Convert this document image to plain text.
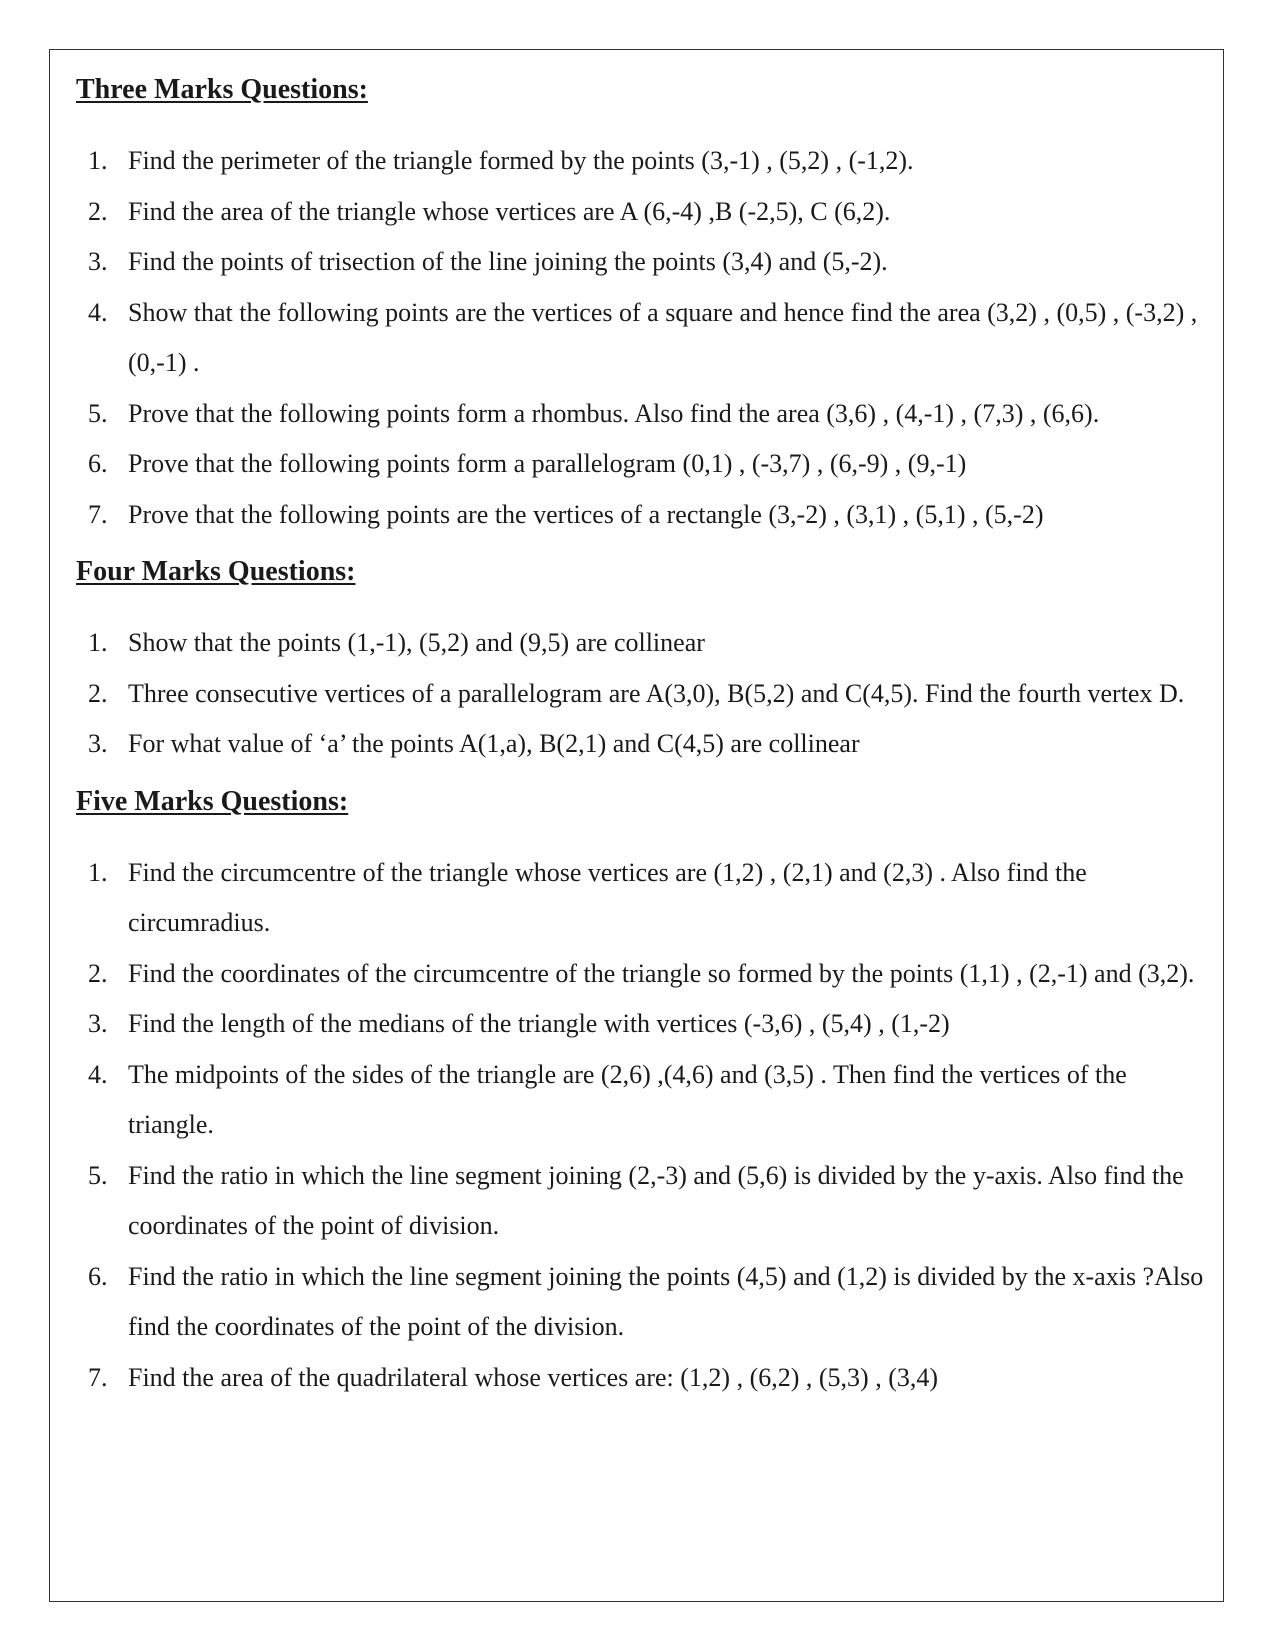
Three Marks Questions:
1. Find the perimeter of the triangle formed by the points (3,-1) , (5,2) , (-1,2).
2. Find the area of the triangle whose vertices are A (6,-4) ,B (-2,5), C (6,2).
3. Find the points of trisection of the line joining the points (3,4) and (5,-2).
4. Show that the following points are the vertices of a square and hence find the area (3,2) , (0,5) , (-3,2) , (0,-1) .
5. Prove that the following points form a rhombus. Also find the area (3,6) , (4,-1) , (7,3) , (6,6).
6. Prove that the following points form a parallelogram (0,1) , (-3,7) , (6,-9) , (9,-1)
7. Prove that the following points are the vertices of a rectangle (3,-2) , (3,1) , (5,1) , (5,-2)
Four Marks Questions:
1. Show that the points (1,-1), (5,2) and (9,5) are collinear
2. Three consecutive vertices of a parallelogram are A(3,0), B(5,2) and C(4,5). Find the fourth vertex D.
3. For what value of ‘a’ the points A(1,a), B(2,1) and C(4,5) are collinear
Five Marks Questions:
1. Find the circumcentre of the triangle whose vertices are (1,2) , (2,1) and (2,3) . Also find the circumradius.
2. Find the coordinates of the circumcentre of the triangle so formed by the points (1,1) , (2,-1) and (3,2).
3. Find the length of the medians of the triangle with vertices (-3,6) , (5,4) , (1,-2)
4. The midpoints of the sides of the triangle are (2,6) ,(4,6) and (3,5) . Then find the vertices of the triangle.
5. Find the ratio in which the line segment joining (2,-3) and (5,6) is divided by the y-axis. Also find the coordinates of the point of division.
6. Find the ratio in which the line segment joining the points (4,5) and (1,2) is divided by the x-axis ?Also find the coordinates of the point of the division.
7. Find the area of the quadrilateral whose vertices are: (1,2) , (6,2) , (5,3) , (3,4)
